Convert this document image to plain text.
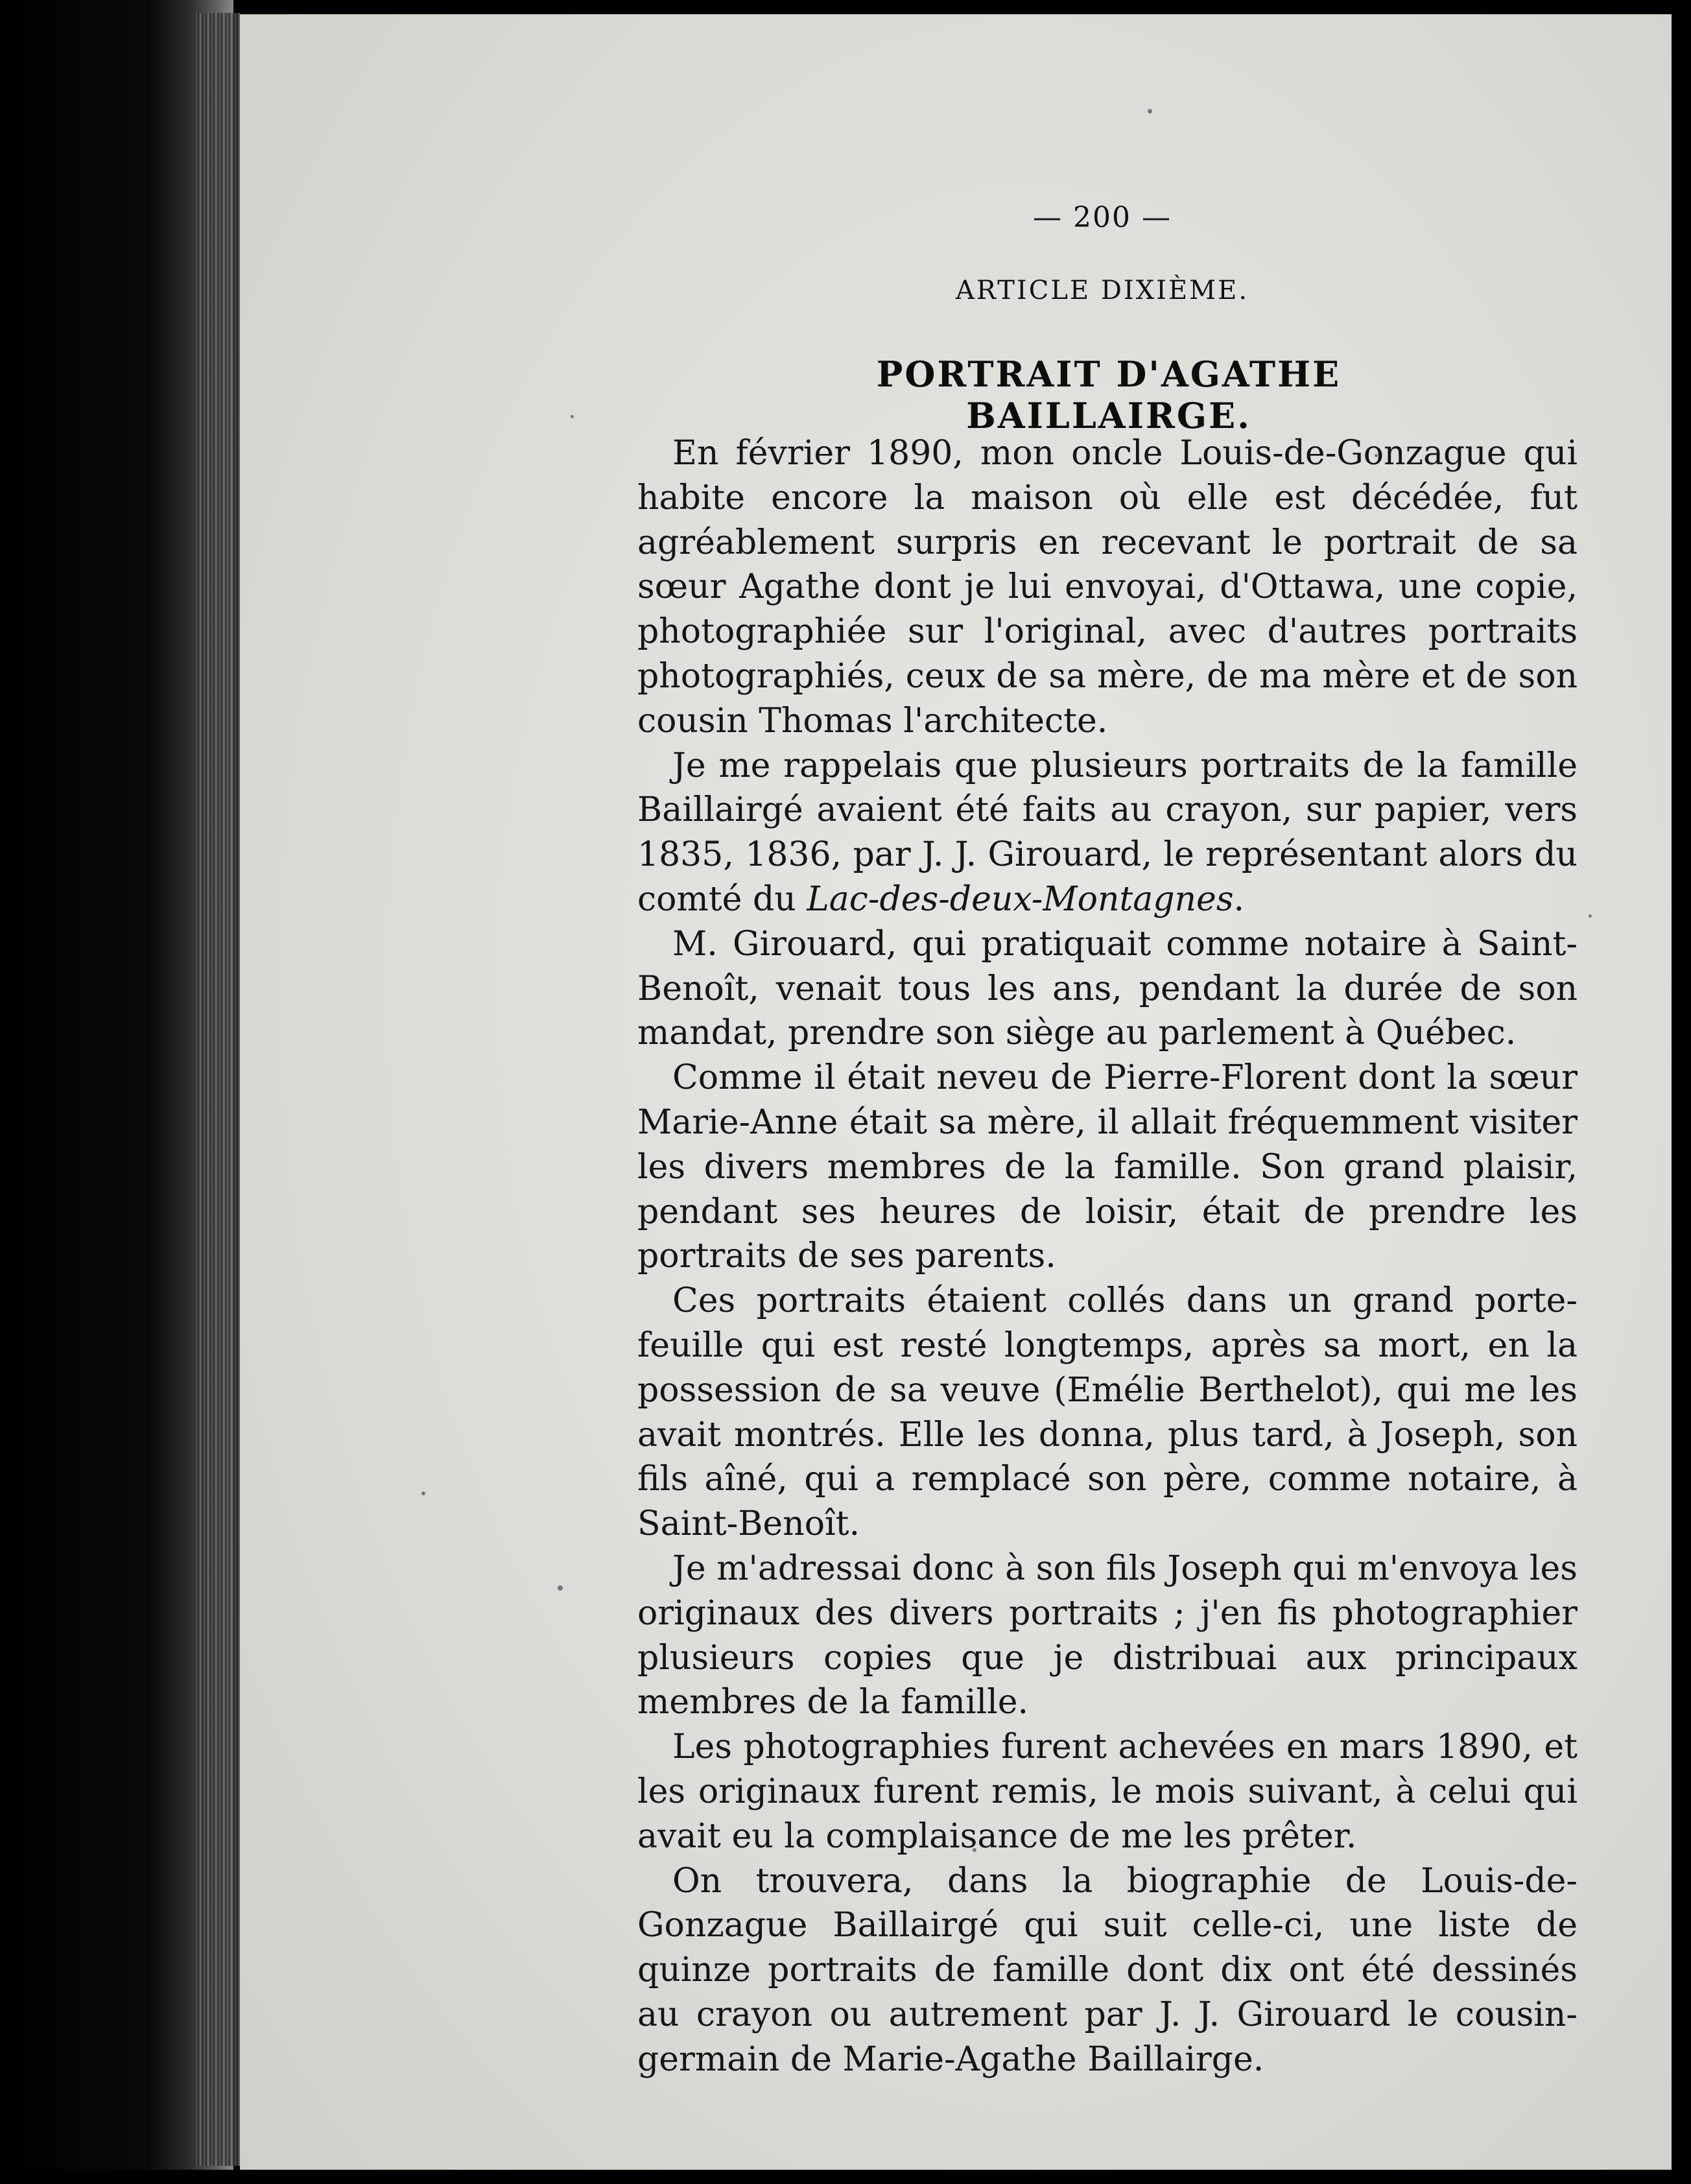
— 200 —
ARTICLE DIXIÈME.
PORTRAIT D'AGATHE BAILLAIRGE.

En février 1890, mon oncle Louis-de-Gonzague qui habite encore la maison où elle est décédée, fut agréablement surpris en recevant le portrait de sa sœur Agathe dont je lui envoyai, d'Ottawa, une copie, photographiée sur l'original, avec d'autres portraits photographiés, ceux de sa mère, de ma mère et de son cousin Thomas l'architecte.

Je me rappelais que plusieurs portraits de la famille Baillairgé avaient été faits au crayon, sur papier, vers 1835, 1836, par J. J. Girouard, le représentant alors du comté du Lac-des-deux-Montagnes.

M. Girouard, qui pratiquait comme notaire à Saint-Benoît, venait tous les ans, pendant la durée de son mandat, prendre son siège au parlement à Québec.

Comme il était neveu de Pierre-Florent dont la sœur Marie-Anne était sa mère, il allait fréquemment visiter les divers membres de la famille. Son grand plaisir, pendant ses heures de loisir, était de prendre les portraits de ses parents.

Ces portraits étaient collés dans un grand porte-feuille qui est resté longtemps, après sa mort, en la possession de sa veuve (Emélie Berthelot), qui me les avait montrés. Elle les donna, plus tard, à Joseph, son fils aîné, qui a remplacé son père, comme notaire, à Saint-Benoît.

Je m'adressai donc à son fils Joseph qui m'envoya les originaux des divers portraits ; j'en fis photographier plusieurs copies que je distribuai aux principaux membres de la famille.

Les photographies furent achevées en mars 1890, et les originaux furent remis, le mois suivant, à celui qui avait eu la complaisance de me les prêter.

On trouvera, dans la biographie de Louis-de-Gonzague Baillairgé qui suit celle-ci, une liste de quinze portraits de famille dont dix ont été dessinés au crayon ou autrement par J. J. Girouard le cousin-germain de Marie-Agathe Baillairge.
